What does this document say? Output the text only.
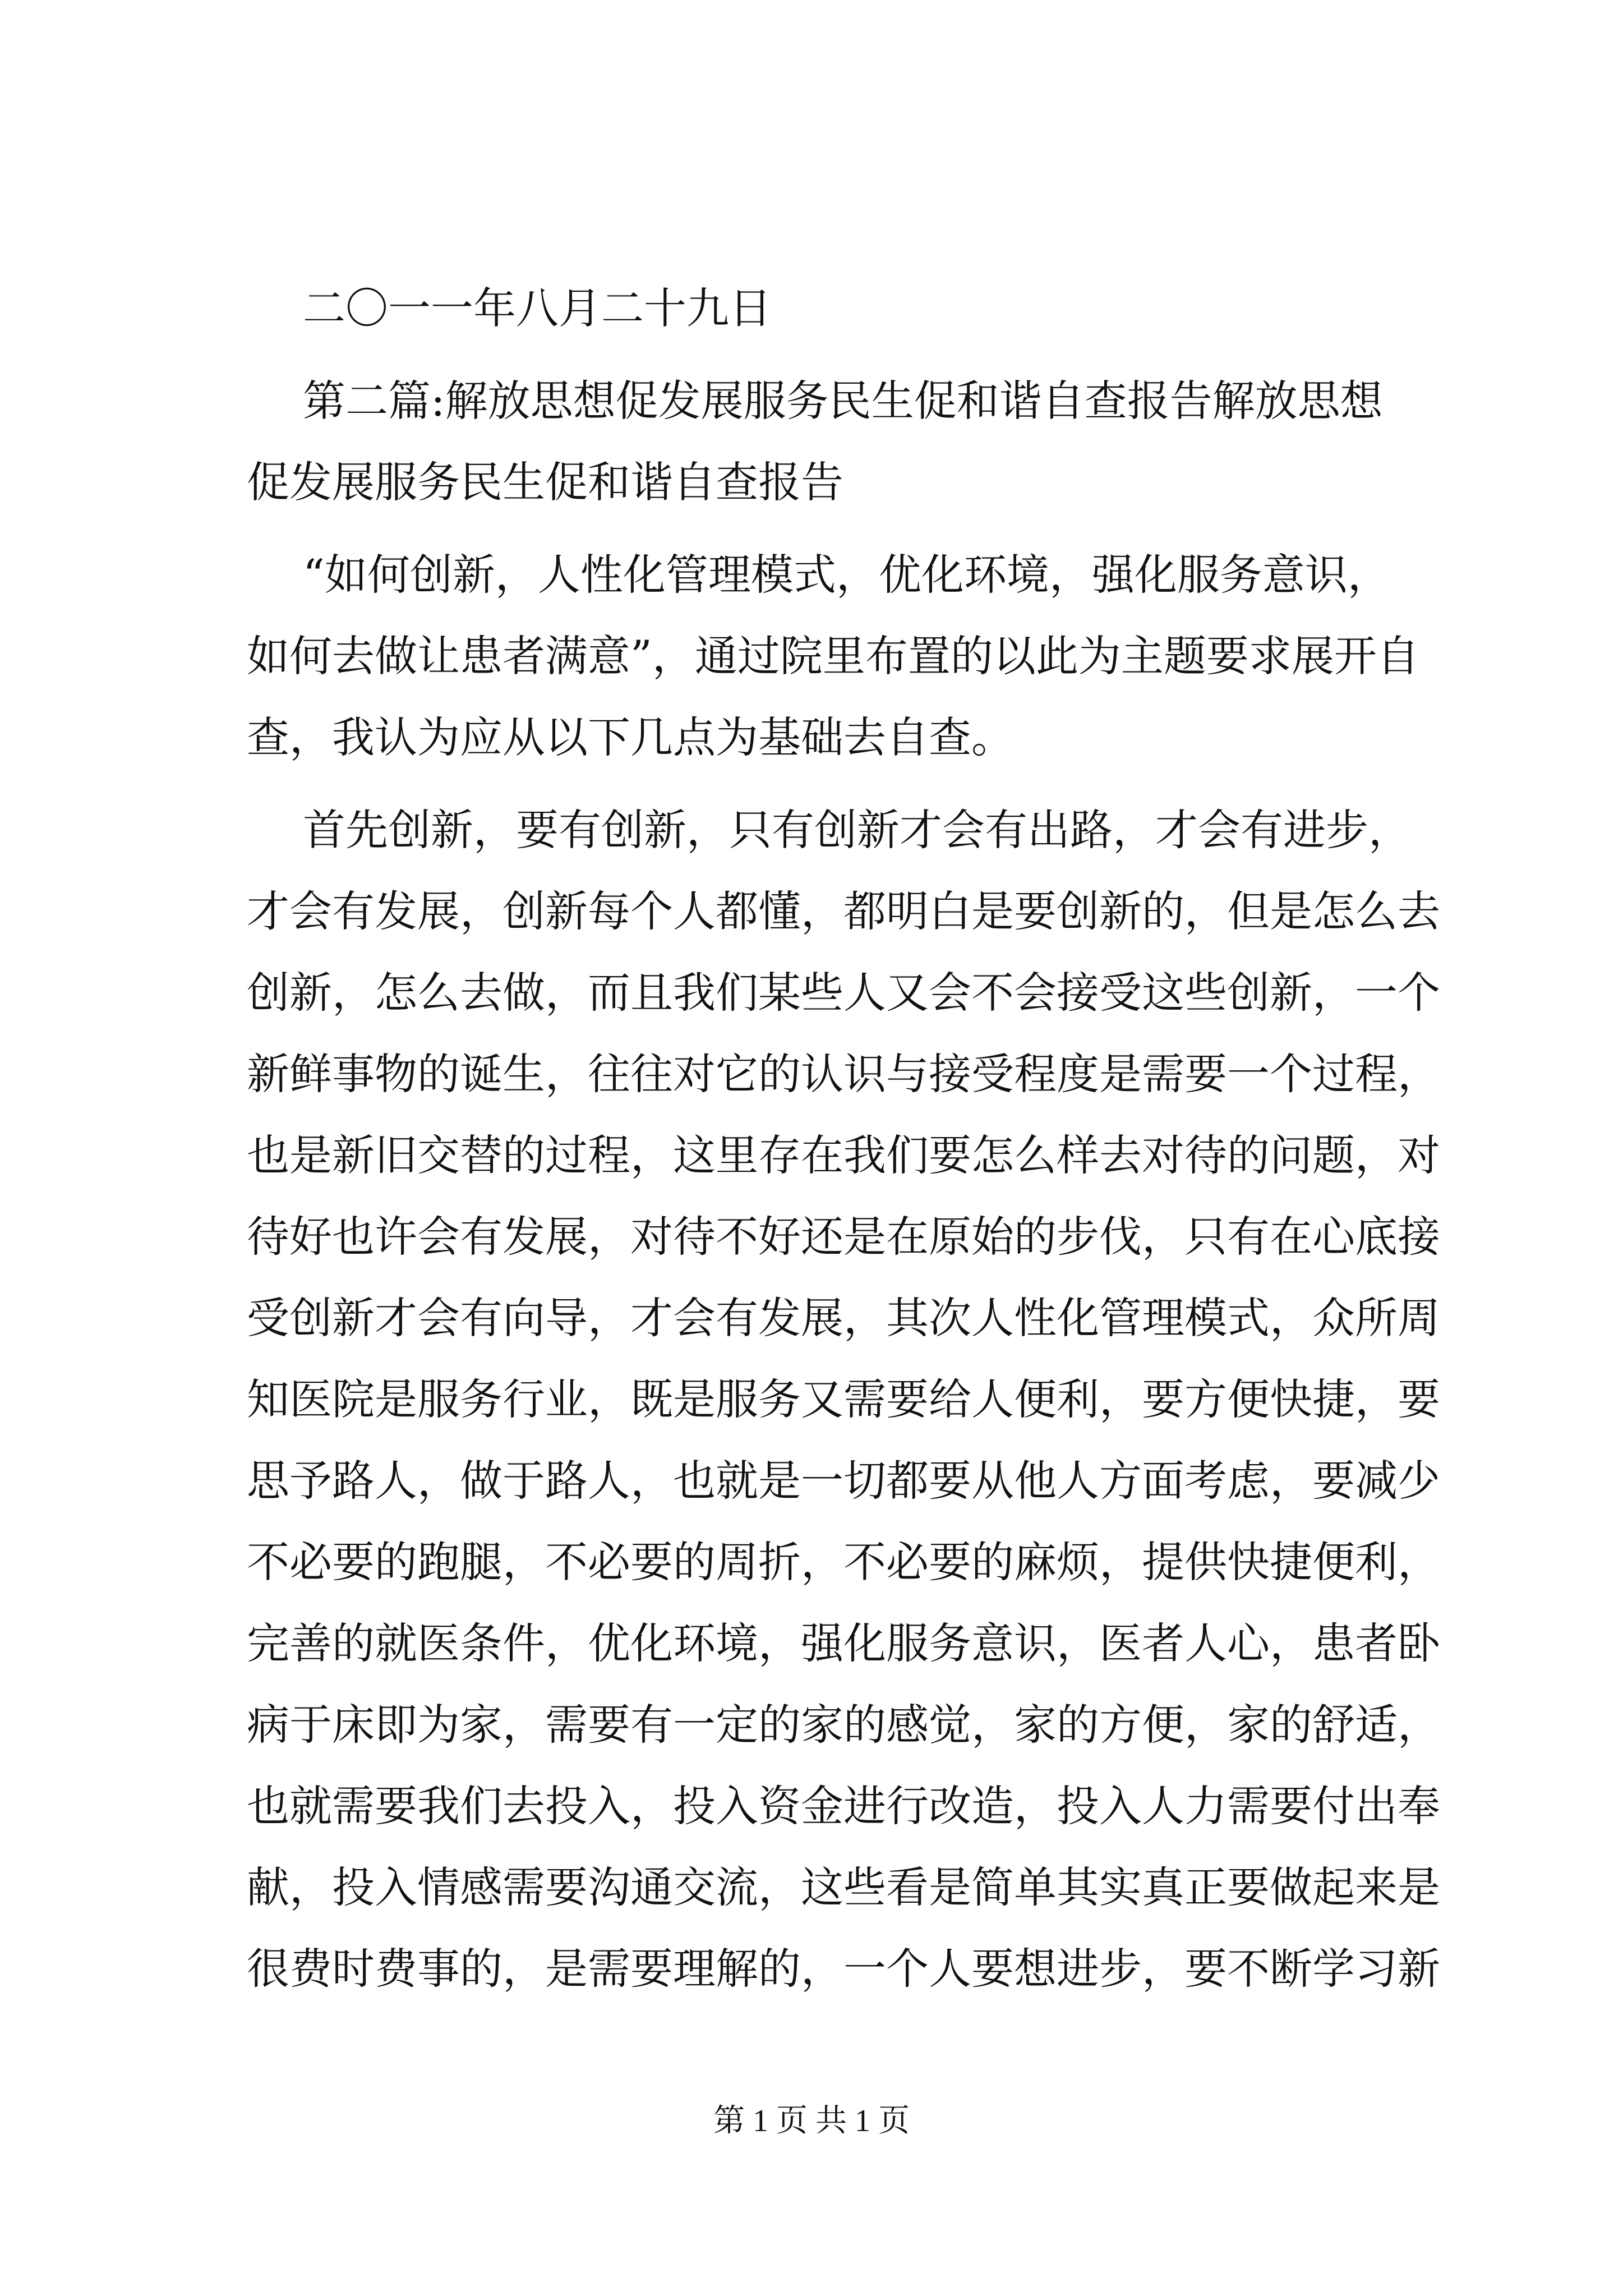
二〇一一年八月二十九日
第二篇:解放思想促发展服务民生促和谐自查报告解放思想
促发展服务民生促和谐自查报告
“如何创新，人性化管理模式，优化环境，强化服务意识，
如何去做让患者满意”，通过院里布置的以此为主题要求展开自
查，我认为应从以下几点为基础去自查。
首先创新，要有创新，只有创新才会有出路，才会有进步，
才会有发展，创新每个人都懂，都明白是要创新的，但是怎么去
创新，怎么去做，而且我们某些人又会不会接受这些创新，一个
新鲜事物的诞生，往往对它的认识与接受程度是需要一个过程，
也是新旧交替的过程，这里存在我们要怎么样去对待的问题，对
待好也许会有发展，对待不好还是在原始的步伐，只有在心底接
受创新才会有向导，才会有发展，其次人性化管理模式，众所周
知医院是服务行业，既是服务又需要给人便利，要方便快捷，要
思予路人，做于路人，也就是一切都要从他人方面考虑，要减少
不必要的跑腿，不必要的周折，不必要的麻烦，提供快捷便利，
完善的就医条件，优化环境，强化服务意识，医者人心，患者卧
病于床即为家，需要有一定的家的感觉，家的方便，家的舒适，
也就需要我们去投入，投入资金进行改造，投入人力需要付出奉
献，投入情感需要沟通交流，这些看是简单其实真正要做起来是
很费时费事的，是需要理解的，一个人要想进步，要不断学习新
第 1 页 共 1 页
